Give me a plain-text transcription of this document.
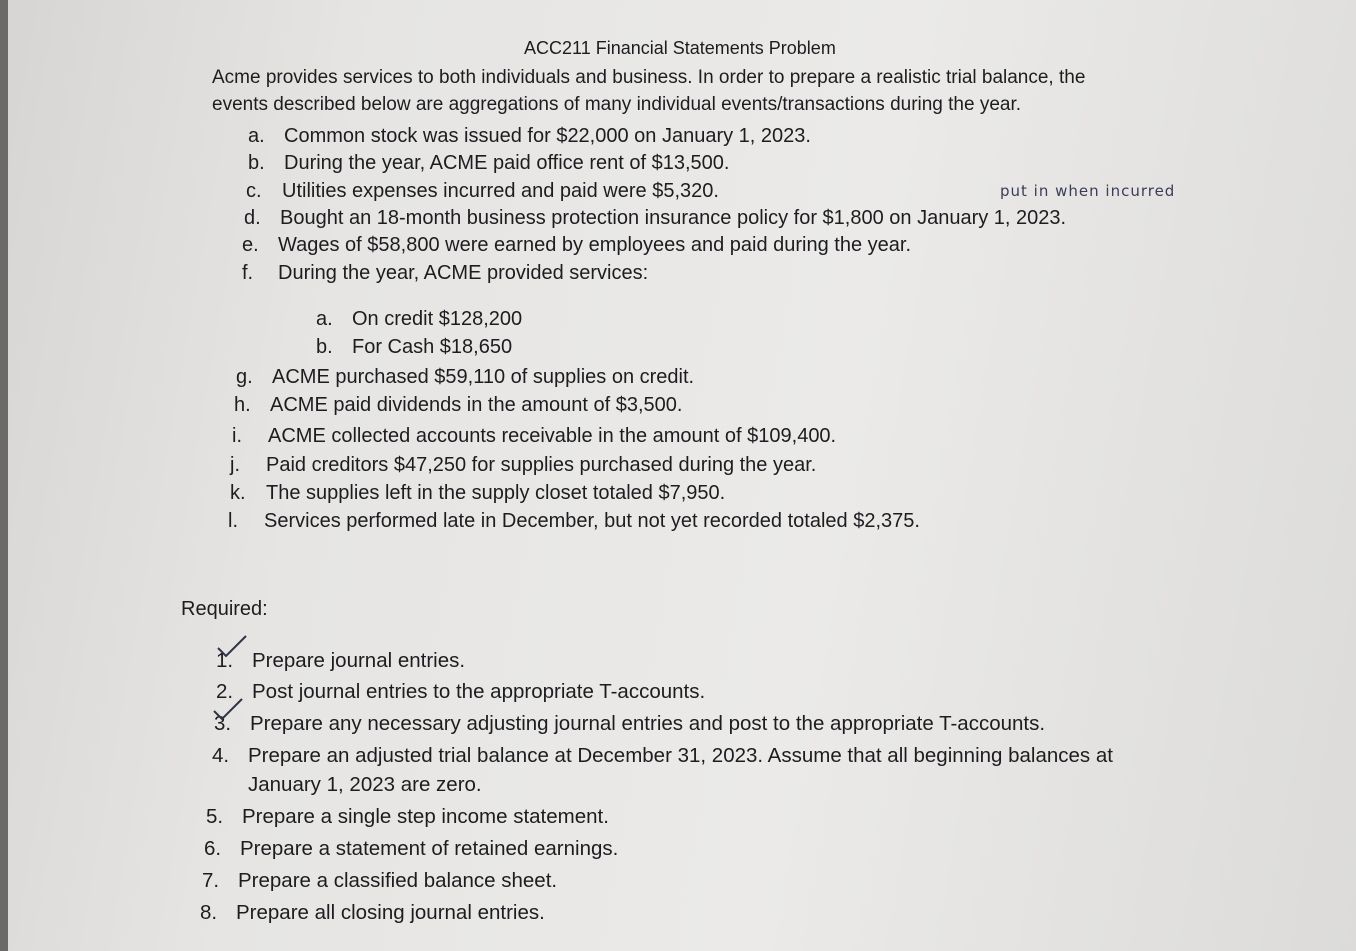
ACC211 Financial Statements Problem
Acme provides services to both individuals and business. In order to prepare a realistic trial balance, the
events described below are aggregations of many individual events/transactions during the year.
a. Common stock was issued for $22,000 on January 1, 2023.
b. During the year, ACME paid office rent of $13,500.
c. Utilities expenses incurred and paid were $5,320.
d. Bought an 18-month business protection insurance policy for $1,800 on January 1, 2023.
e. Wages of $58,800 were earned by employees and paid during the year.
f. During the year, ACME provided services:
a. On credit $128,200
b. For Cash $18,650
g. ACME purchased $59,110 of supplies on credit.
h. ACME paid dividends in the amount of $3,500.
i. ACME collected accounts receivable in the amount of $109,400.
j. Paid creditors $47,250 for supplies purchased during the year.
k. The supplies left in the supply closet totaled $7,950.
l. Services performed late in December, but not yet recorded totaled $2,375.
put in when incurred
Required:
1. Prepare journal entries.
2. Post journal entries to the appropriate T-accounts.
3. Prepare any necessary adjusting journal entries and post to the appropriate T-accounts.
4. Prepare an adjusted trial balance at December 31, 2023. Assume that all beginning balances at
January 1, 2023 are zero.
5. Prepare a single step income statement.
6. Prepare a statement of retained earnings.
7. Prepare a classified balance sheet.
8. Prepare all closing journal entries.
